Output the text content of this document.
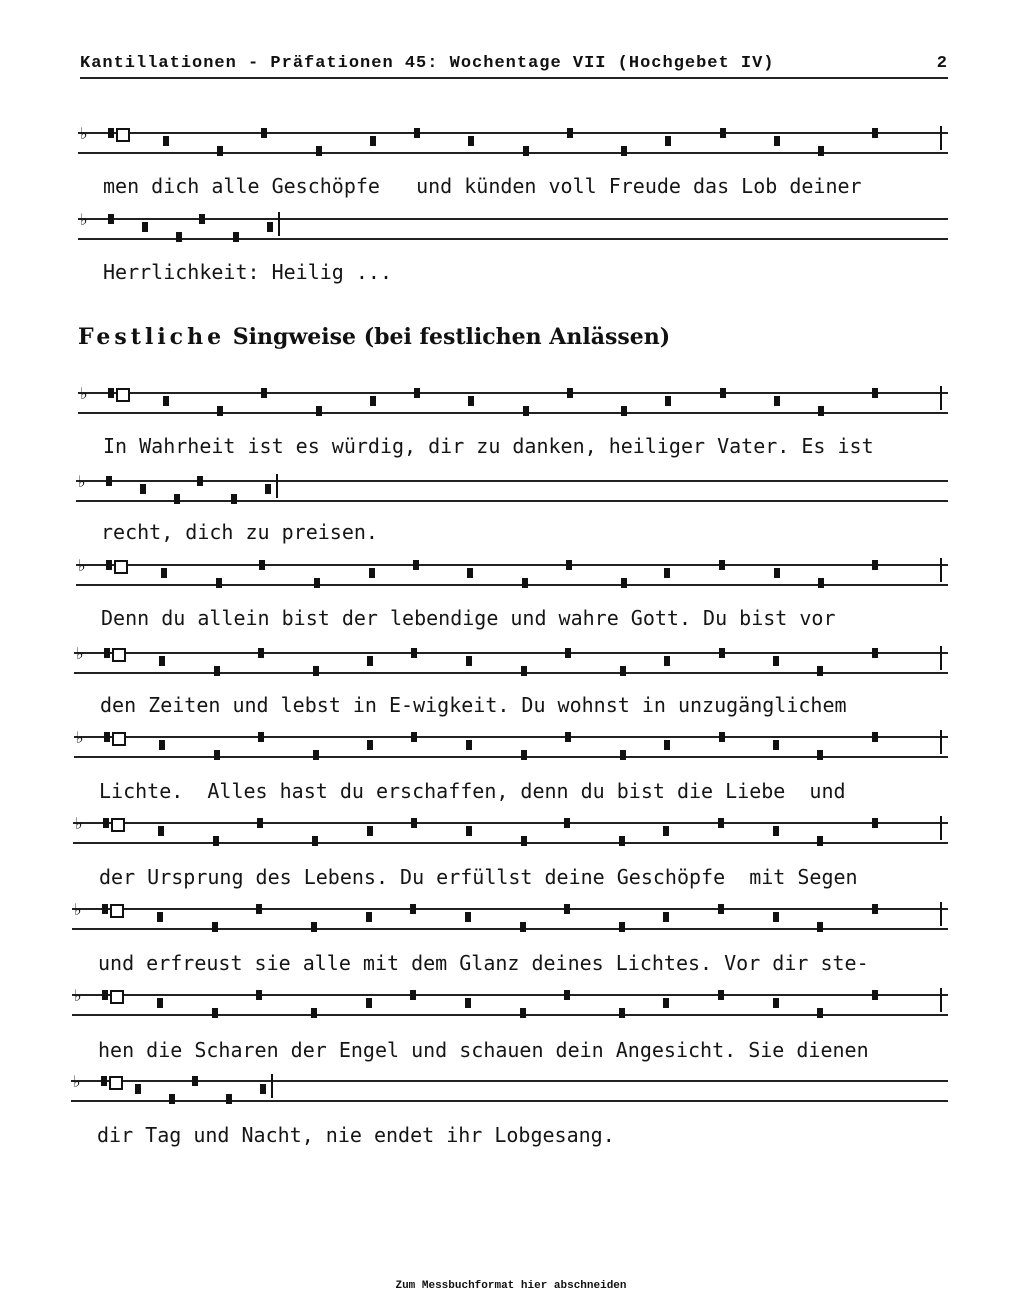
Kantillationen - Präfationen 45: Wochentage VII (Hochgebet IV)	2
♭
♭
♭
♭
♭
♭
♭
♭
♭
♭
♭
men dich alle Geschöpfe   und künden voll Freude das Lob deiner
Herrlichkeit: Heilig ...
Festliche Singweise (bei festlichen Anlässen)
In Wahrheit ist es würdig, dir zu danken, heiliger Vater. Es ist
recht, dich zu preisen.
Denn du allein bist der lebendige und wahre Gott. Du bist vor
den Zeiten und lebst in E-wigkeit. Du wohnst in unzugänglichem
Lichte.  Alles hast du erschaffen, denn du bist die Liebe  und
der Ursprung des Lebens. Du erfüllst deine Geschöpfe  mit Segen
und erfreust sie alle mit dem Glanz deines Lichtes. Vor dir ste-
hen die Scharen der Engel und schauen dein Angesicht. Sie dienen
dir Tag und Nacht, nie endet ihr Lobgesang.
Zum Messbuchformat hier abschneiden
